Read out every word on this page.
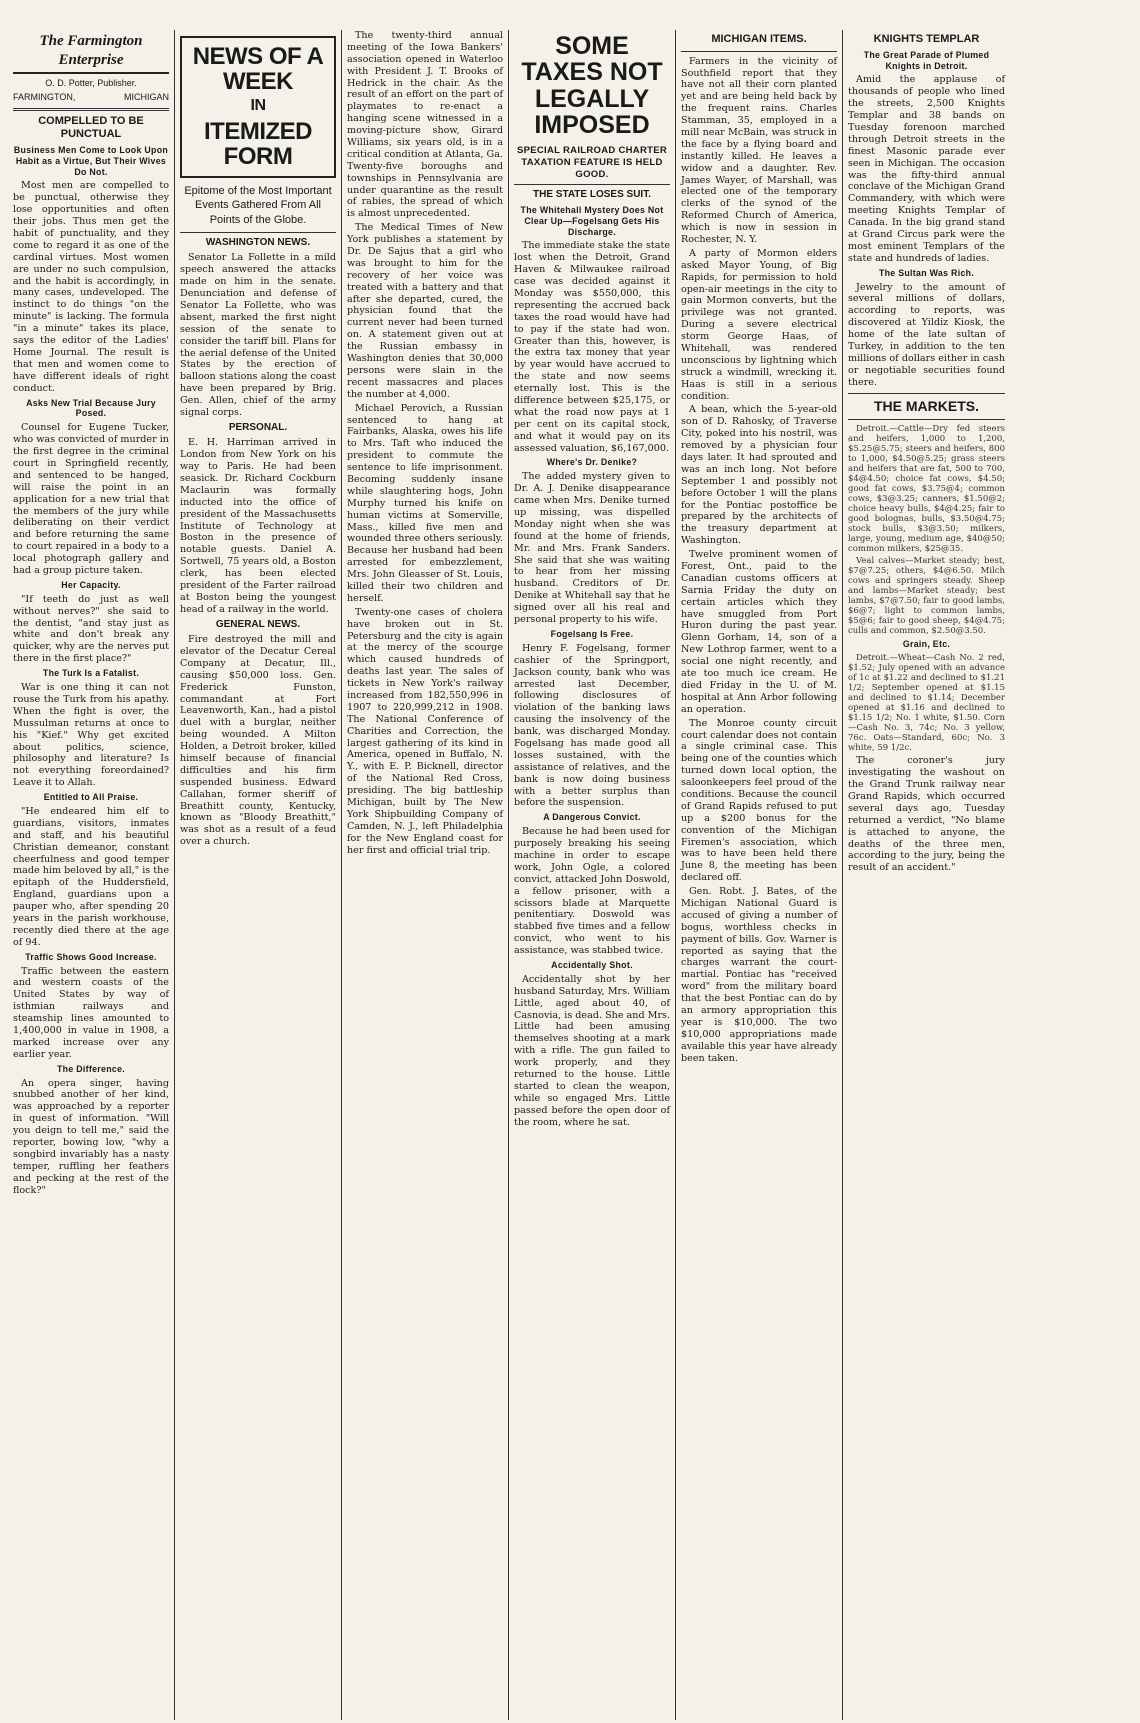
The Farmington Enterprise
O. D. Potter, Publisher.
FARMINGTON,	MICHIGAN
COMPELLED TO BE PUNCTUAL
Business Men Come to Look Upon Habit as a Virtue, But Their Wives Do Not.

Most men are compelled to be punctual, otherwise they lose opportunities and often their jobs. Thus men get the habit of punctuality, and they come to regard it as one of the cardinal virtues. Most women are under no such compulsion, and the habit is accordingly, in many cases, undeveloped. The instinct to do things "on the minute" is lacking. The formula "in a minute" takes its place, says the editor of the Ladies' Home Journal. The result is that men and women come to have different ideals of right conduct.

Asks New Trial Because Jury Posed.

Counsel for Eugene Tucker, who was convicted of murder in the first degree in the criminal court in Springfield recently, and sentenced to be hanged, will raise the point in an application for a new trial that the members of the jury while deliberating on their verdict and before returning the same to court repaired in a body to a local photograph gallery and had a group picture taken.

Her Capacity.

"If teeth do just as well without nerves?" she said to the dentist, "and stay just as white and don't break any quicker, why are the nerves put there in the first place?"

The Turk Is a Fatalist.

War is one thing it can not rouse the Turk from his apathy. When the fight is over, the Mussulman returns at once to his "Kief." Why get excited about politics, science, philosophy and literature? Is not everything foreordained? Leave it to Allah.

Entitled to All Praise.

"He endeared him elf to guardians, visitors, inmates and staff, and his beautiful Christian demeanor, constant cheerfulness and good temper made him beloved by all," is the epitaph of the Huddersfield, England, guardians upon a pauper who, after spending 20 years in the parish workhouse, recently died there at the age of 94.

Traffic Shows Good Increase.

Traffic between the eastern and western coasts of the United States by way of isthmian railways and steamship lines amounted to 1,400,000 in value in 1908, a marked increase over any earlier year.

The Difference.

An opera singer, having snubbed another of her kind, was approached by a reporter in quest of information. "Will you deign to tell me," said the reporter, bowing low, "why a songbird invariably has a nasty temper, ruffling her feathers and pecking at the rest of the flock?"

NEWS OF A WEEK
IN
ITEMIZED FORM
Epitome of the Most Important Events Gathered From All Points of the Globe.
WASHINGTON NEWS.

Senator La Follette in a mild speech answered the attacks made on him in the senate. Denunciation and defense of Senator La Follette, who was absent, marked the first night session of the senate to consider the tariff bill. Plans for the aerial defense of the United States by the erection of balloon stations along the coast have been prepared by Brig. Gen. Allen, chief of the army signal corps.

PERSONAL.

E. H. Harriman arrived in London from New York on his way to Paris. He had been seasick. Dr. Richard Cockburn Maclaurin was formally inducted into the office of president of the Massachusetts Institute of Technology at Boston in the presence of notable guests. Daniel A. Sortwell, 75 years old, a Boston clerk, has been elected president of the Farter railroad at Boston being the youngest head of a railway in the world.

GENERAL NEWS.

Fire destroyed the mill and elevator of the Decatur Cereal Company at Decatur, Ill., causing $50,000 loss. Gen. Frederick Funston, commandant at Fort Leavenworth, Kan., had a pistol duel with a burglar, neither being wounded. A Milton Holden, a Detroit broker, killed himself because of financial difficulties and his firm suspended business. Edward Callahan, former sheriff of Breathitt county, Kentucky, known as "Bloody Breathitt," was shot as a result of a feud over a church.

The twenty-third annual meeting of the Iowa Bankers' association opened in Waterloo with President J. T. Brooks of Hedrick in the chair. As the result of an effort on the part of playmates to re-enact a hanging scene witnessed in a moving-picture show, Girard Williams, six years old, is in a critical condition at Atlanta, Ga. Twenty-five boroughs and townships in Pennsylvania are under quarantine as the result of rabies, the spread of which is almost unprecedented.

The Medical Times of New York publishes a statement by Dr. De Sajus that a girl who was brought to him for the recovery of her voice was treated with a battery and that after she departed, cured, the physician found that the current never had been turned on. A statement given out at the Russian embassy in Washington denies that 30,000 persons were slain in the recent massacres and places the number at 4,000.

Michael Perovich, a Russian sentenced to hang at Fairbanks, Alaska, owes his life to Mrs. Taft who induced the president to commute the sentence to life imprisonment. Becoming suddenly insane while slaughtering hogs, John Murphy turned his knife on human victims at Somerville, Mass., killed five men and wounded three others seriously. Because her husband had been arrested for embezzlement, Mrs. John Gleasser of St. Louis, killed their two children and herself.

Twenty-one cases of cholera have broken out in St. Petersburg and the city is again at the mercy of the scourge which caused hundreds of deaths last year. The sales of tickets in New York's railway increased from 182,550,996 in 1907 to 220,999,212 in 1908. The National Conference of Charities and Correction, the largest gathering of its kind in America, opened in Buffalo, N. Y., with E. P. Bicknell, director of the National Red Cross, presiding. The big battleship Michigan, built by The New York Shipbuilding Company of Camden, N. J., left Philadelphia for the New England coast for her first and official trial trip.

SOME TAXES NOT LEGALLY IMPOSED
SPECIAL RAILROAD CHARTER TAXATION FEATURE IS HELD GOOD.
THE STATE LOSES SUIT.
The Whitehall Mystery Does Not Clear Up—Fogelsang Gets His Discharge.

The immediate stake the state lost when the Detroit, Grand Haven & Milwaukee railroad case was decided against it Monday was $550,000, this representing the accrued back taxes the road would have had to pay if the state had won. Greater than this, however, is the extra tax money that year by year would have accrued to the state and now seems eternally lost. This is the difference between $25,175, or what the road now pays at 1 per cent on its capital stock, and what it would pay on its assessed valuation, $6,167,000.

Where's Dr. Denike?

The added mystery given to Dr. A. J. Denike disappearance came when Mrs. Denike turned up missing, was dispelled Monday night when she was found at the home of friends, Mr. and Mrs. Frank Sanders. She said that she was waiting to hear from her missing husband. Creditors of Dr. Denike at Whitehall say that he signed over all his real and personal property to his wife.

Fogelsang Is Free.

Henry F. Fogelsang, former cashier of the Springport, Jackson county, bank who was arrested last December, following disclosures of violation of the banking laws causing the insolvency of the bank, was discharged Monday. Fogelsang has made good all losses sustained, with the assistance of relatives, and the bank is now doing business with a better surplus than before the suspension.

A Dangerous Convict.

Because he had been used for purposely breaking his seeing machine in order to escape work, John Ogle, a colored convict, attacked John Doswold, a fellow prisoner, with a scissors blade at Marquette penitentiary. Doswold was stabbed five times and a fellow convict, who went to his assistance, was stabbed twice.

Accidentally Shot.

Accidentally shot by her husband Saturday, Mrs. William Little, aged about 40, of Casnovia, is dead. She and Mrs. Little had been amusing themselves shooting at a mark with a rifle. The gun failed to work properly, and they returned to the house. Little started to clean the weapon, while so engaged Mrs. Little passed before the open door of the room, where he sat.

MICHIGAN ITEMS.

Farmers in the vicinity of Southfield report that they have not all their corn planted yet and are being held back by the frequent rains. Charles Stamman, 35, employed in a mill near McBain, was struck in the face by a flying board and instantly killed. He leaves a widow and a daughter. Rev. James Wayer, of Marshall, was elected one of the temporary clerks of the synod of the Reformed Church of America, which is now in session in Rochester, N. Y.

A party of Mormon elders asked Mayor Young, of Big Rapids, for permission to hold open-air meetings in the city to gain Mormon converts, but the privilege was not granted. During a severe electrical storm George Haas, of Whitehall, was rendered unconscious by lightning which struck a windmill, wrecking it. Haas is still in a serious condition.

A bean, which the 5-year-old son of D. Rahosky, of Traverse City, poked into his nostril, was removed by a physician four days later. It had sprouted and was an inch long. Not before September 1 and possibly not before October 1 will the plans for the Pontiac postoffice be prepared by the architects of the treasury department at Washington.

Twelve prominent women of Forest, Ont., paid to the Canadian customs officers at Sarnia Friday the duty on certain articles which they have smuggled from Port Huron during the past year. Glenn Gorham, 14, son of a New Lothrop farmer, went to a social one night recently, and ate too much ice cream. He died Friday in the U. of M. hospital at Ann Arbor following an operation.

The Monroe county circuit court calendar does not contain a single criminal case. This being one of the counties which turned down local option, the saloonkeepers feel proud of the conditions. Because the council of Grand Rapids refused to put up a $200 bonus for the convention of the Michigan Firemen's association, which was to have been held there June 8, the meeting has been declared off.

Gen. Robt. J. Bates, of the Michigan National Guard is accused of giving a number of bogus, worthless checks in payment of bills. Gov. Warner is reported as saying that the charges warrant the court-martial. Pontiac has "received word" from the military board that the best Pontiac can do by an armory appropriation this year is $10,000. The two $10,000 appropriations made available this year have already been taken.

KNIGHTS TEMPLAR
The Great Parade of Plumed Knights in Detroit.

Amid the applause of thousands of people who lined the streets, 2,500 Knights Templar and 38 bands on Tuesday forenoon marched through Detroit streets in the finest Masonic parade ever seen in Michigan. The occasion was the fifty-third annual conclave of the Michigan Grand Commandery, with which were meeting Knights Templar of Canada. In the big grand stand at Grand Circus park were the most eminent Templars of the state and hundreds of ladies.

The Sultan Was Rich.

Jewelry to the amount of several millions of dollars, according to reports, was discovered at Yildiz Kiosk, the home of the late sultan of Turkey, in addition to the ten millions of dollars either in cash or negotiable securities found there.

THE MARKETS.

Detroit.—Cattle—Dry fed steers and heifers, 1,000 to 1,200, $5.25@5.75; steers and heifers, 800 to 1,000, $4.50@5.25; grass steers and heifers that are fat, 500 to 700, $4@4.50; choice fat cows, $4.50; good fat cows, $3.75@4; common cows, $3@3.25; canners, $1.50@2; choice heavy bulls, $4@4.25; fair to good bolognas, bulls, $3.50@4.75; stock bulls, $3@3.50; milkers, large, young, medium age, $40@50; common milkers, $25@35.

Veal calves—Market steady; best, $7@7.25; others, $4@6.50. Milch cows and springers steady. Sheep and lambs—Market steady; best lambs, $7@7.50; fair to good lambs, $6@7; light to common lambs, $5@6; fair to good sheep, $4@4.75; culls and common, $2.50@3.50.

Grain, Etc.

Detroit.—Wheat—Cash No. 2 red, $1.52; July opened with an advance of 1c at $1.22 and declined to $1.21 1/2; September opened at $1.15 and declined to $1.14; December opened at $1.16 and declined to $1.15 1/2; No. 1 white, $1.50. Corn—Cash No. 3, 74c; No. 3 yellow, 76c. Oats—Standard, 60c; No. 3 white, 59 1/2c.

The coroner's jury investigating the washout on the Grand Trunk railway near Grand Rapids, which occurred several days ago, Tuesday returned a verdict, "No blame is attached to anyone, the deaths of the three men, according to the jury, being the result of an accident."
